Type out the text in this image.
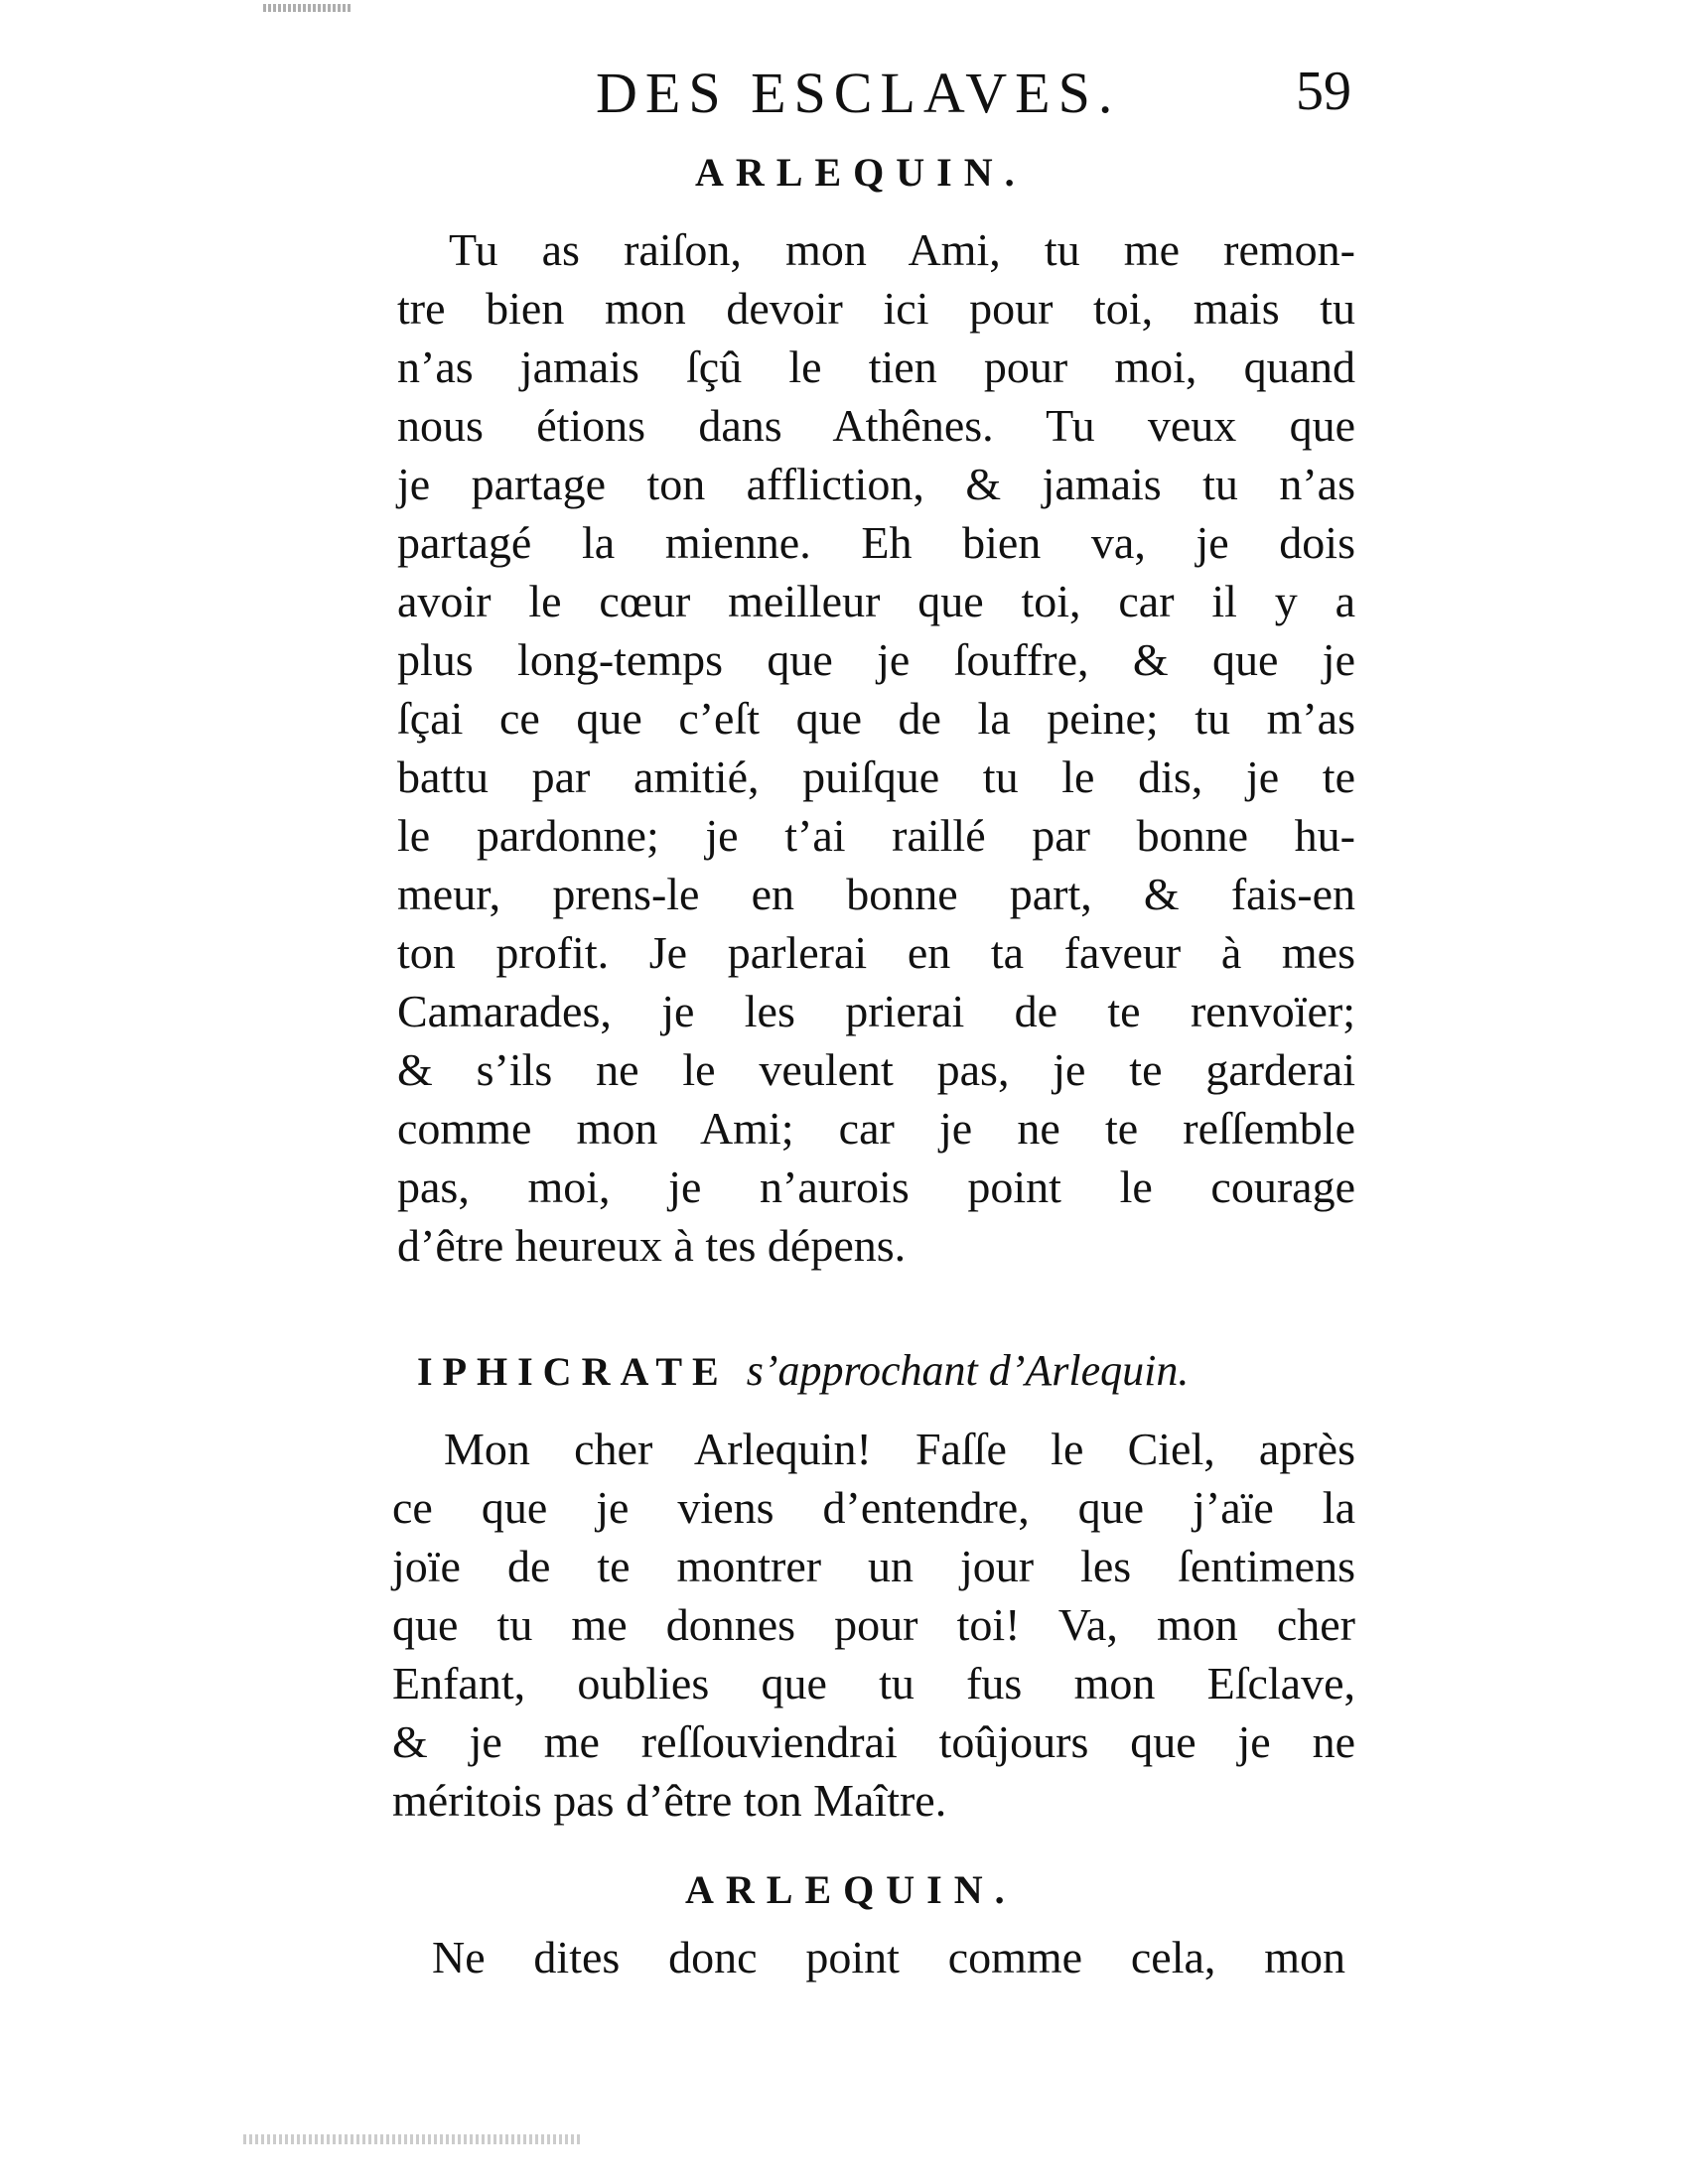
DES ESCLAVES.	59
ARLEQUIN.
Tu as raiſon, mon Ami, tu me remon-
tre bien mon devoir ici pour toi, mais tu
n’as jamais ſçû le tien pour moi, quand
nous étions dans Athênes. Tu veux que
je partage ton affliction, & jamais tu n’as
partagé la mienne. Eh bien va, je dois
avoir le cœur meilleur que toi, car il y a
plus long-temps que je ſouffre, & que je
ſçai ce que c’eſt que de la peine; tu m’as
battu par amitié, puiſque tu le dis, je te
le pardonne; je t’ai raillé par bonne hu-
meur, prens-le en bonne part, & fais-en
ton profit. Je parlerai en ta faveur à mes
Camarades, je les prierai de te renvoïer;
& s’ils ne le veulent pas, je te garderai
comme mon Ami; car je ne te reſſemble
pas, moi, je n’aurois point le courage
d’être heureux à tes dépens.
IPHICRATE s’approchant d’Arlequin.
Mon cher Arlequin! Faſſe le Ciel, après
ce que je viens d’entendre, que j’aïe la
joïe de te montrer un jour les ſentimens
que tu me donnes pour toi! Va, mon cher
Enfant, oublies que tu fus mon Eſclave,
& je me reſſouviendrai toûjours que je ne
méritois pas d’être ton Maître.
ARLEQUIN.
Ne dites donc point comme cela, mon
